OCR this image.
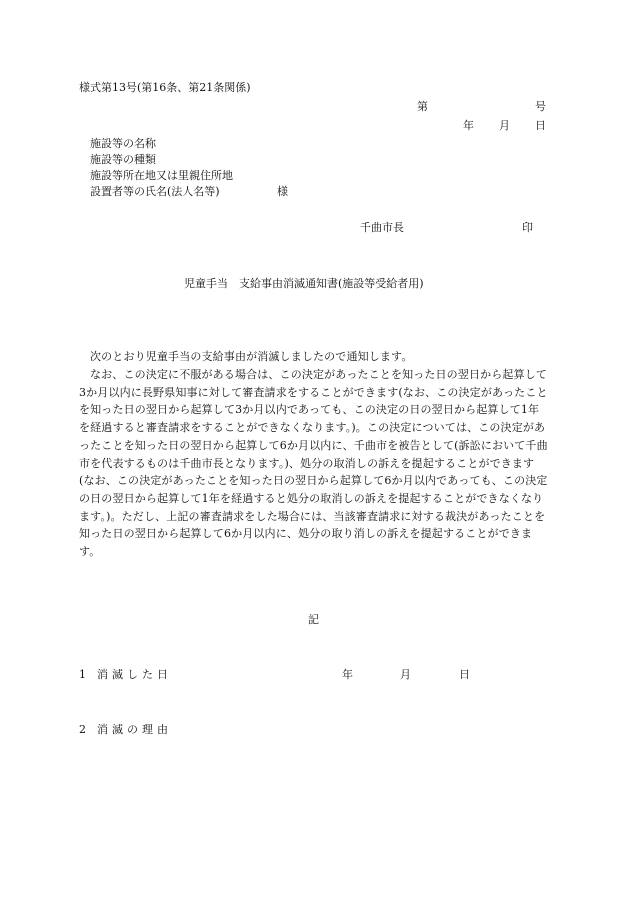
様式第13号(第16条、第21条関係)
第	号
年 月 日
施設等の名称
施設等の種類
施設等所在地又は里親住所地
設置者等の氏名(法人名等)	様
千曲市長	印
児童手当　支給事由消滅通知書(施設等受給者用)
次のとおり児童手当の支給事由が消滅しましたので通知します。
なお、この決定に不服がある場合は、この決定があったことを知った日の翌日から起算して3か月以内に長野県知事に対して審査請求をすることができます(なお、この決定があったことを知った日の翌日から起算して3か月以内であっても、この決定の日の翌日から起算して1年を経過すると審査請求をすることができなくなります。)。この決定については、この決定があったことを知った日の翌日から起算して6か月以内に、千曲市を被告として(訴訟において千曲市を代表するものは千曲市長となります。)、処分の取消しの訴えを提起することができます(なお、この決定があったことを知った日の翌日から起算して6か月以内であっても、この決定の日の翌日から起算して1年を経過すると処分の取消しの訴えを提起することができなくなります。)。ただし、上記の審査請求をした場合には、当該審査請求に対する裁決があったことを知った日の翌日から起算して6か月以内に、処分の取り消しの訴えを提起することができます。
記
1 消滅した日	年	月	日
2 消滅の理由
